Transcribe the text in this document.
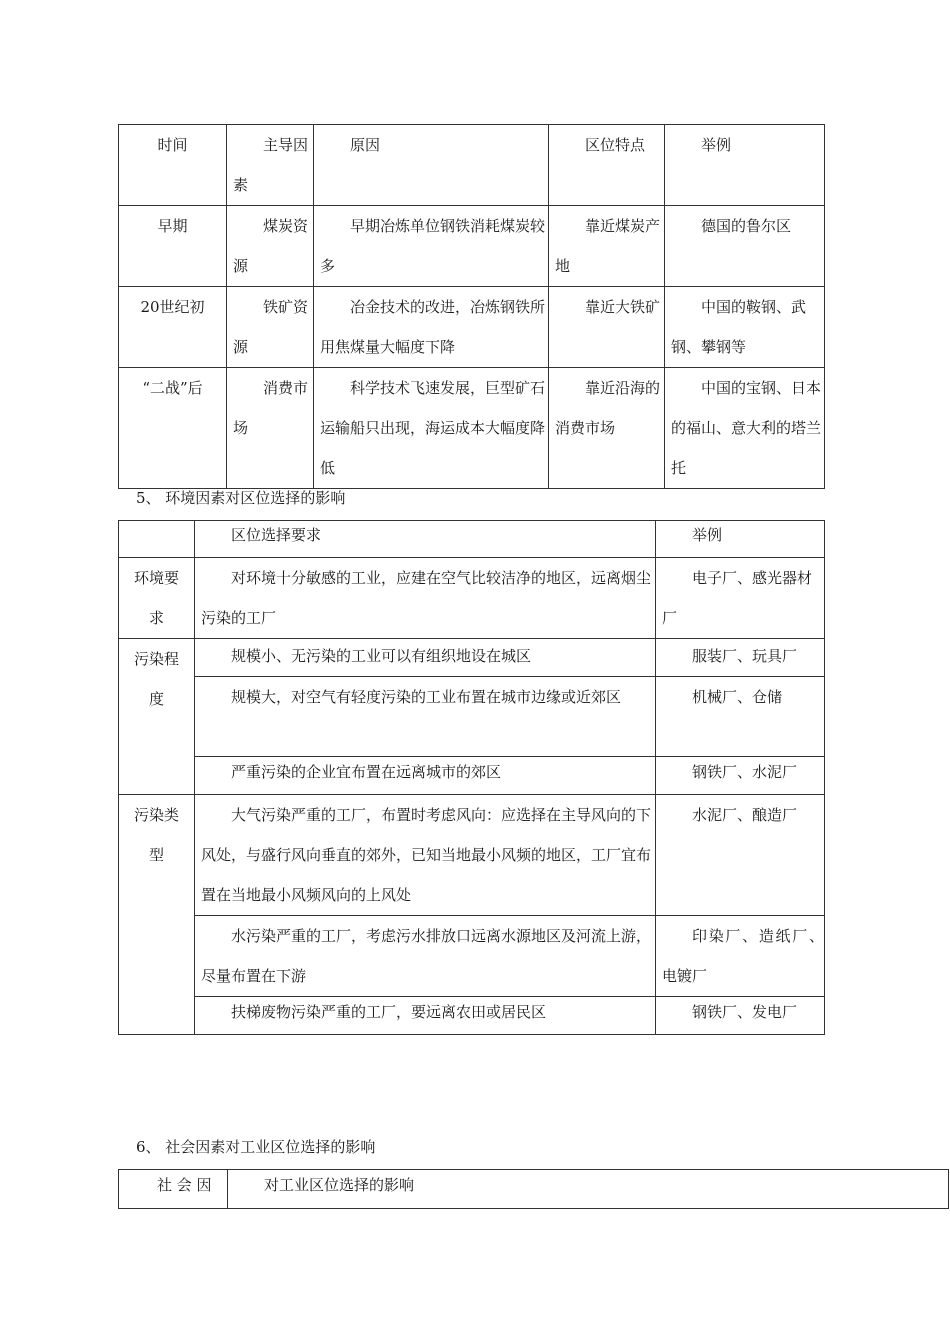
时间	主导因素	原因	区位特点	举例
早期	煤炭资源	早期冶炼单位钢铁消耗煤炭较多	靠近煤炭产地	德国的鲁尔区
20世纪初	铁矿资源	冶金技术的改进，冶炼钢铁所用焦煤量大幅度下降	靠近大铁矿	中国的鞍钢、武钢、攀钢等
“二战”后	消费市场	科学技术飞速发展，巨型矿石运输船只出现，海运成本大幅度降低	靠近沿海的消费市场	中国的宝钢、日本的福山、意大利的塔兰托
5、 环境因素对区位选择的影响
	区位选择要求	举例
环境要求	对环境十分敏感的工业，应建在空气比较洁净的地区，远离烟尘污染的工厂	电子厂、感光器材厂
污染程度	规模小、无污染的工业可以有组织地设在城区	服装厂、玩具厂
	规模大，对空气有轻度污染的工业布置在城市边缘或近郊区	机械厂、仓储
	严重污染的企业宜布置在远离城市的郊区	钢铁厂、水泥厂
污染类型	大气污染严重的工厂，布置时考虑风向：应选择在主导风向的下风处，与盛行风向垂直的郊外，已知当地最小风频的地区，工厂宜布置在当地最小风频风向的上风处	水泥厂、酿造厂
	水污染严重的工厂，考虑污水排放口远离水源地区及河流上游，尽量布置在下游	印染厂、造纸厂、电镀厂
	扶梯废物污染严重的工厂，要远离农田或居民区	钢铁厂、发电厂
6、 社会因素对工业区位选择的影响
社 会 因	对工业区位选择的影响
